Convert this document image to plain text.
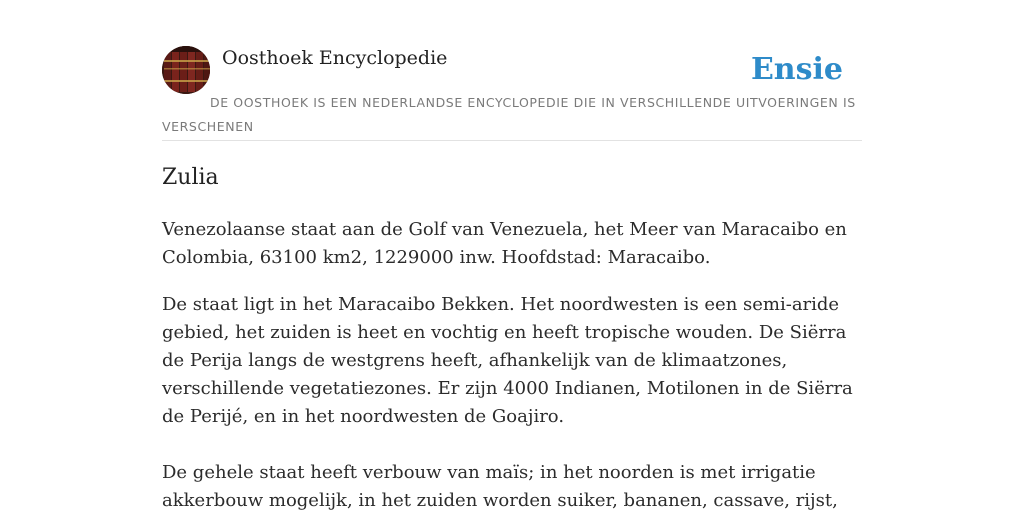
Oosthoek Encyclopedie	Ensie
DE OOSTHOEK IS EEN NEDERLANDSE ENCYCLOPEDIE DIE IN VERSCHILLENDE UITVOERINGEN IS VERSCHENEN
Zulia

Venezolaanse staat aan de Golf van Venezuela, het Meer van Maracaibo en Colombia, 63100 km2, 1229000 inw. Hoofdstad: Maracaibo.

De staat ligt in het Maracaibo Bekken. Het noordwesten is een semi-aride gebied, het zuiden is heet en vochtig en heeft tropische wouden. De Siërra de Perija langs de westgrens heeft, afhankelijk van de klimaatzones, verschillende vegetatiezones. Er zijn 4000 Indianen, Motilonen in de Siërra de Perijé, en in het noordwesten de Goajiro.

De gehele staat heeft verbouw van maïs; in het noorden is met irrigatie akkerbouw mogelijk, in het zuiden worden suiker, bananen, cassave, rijst,
